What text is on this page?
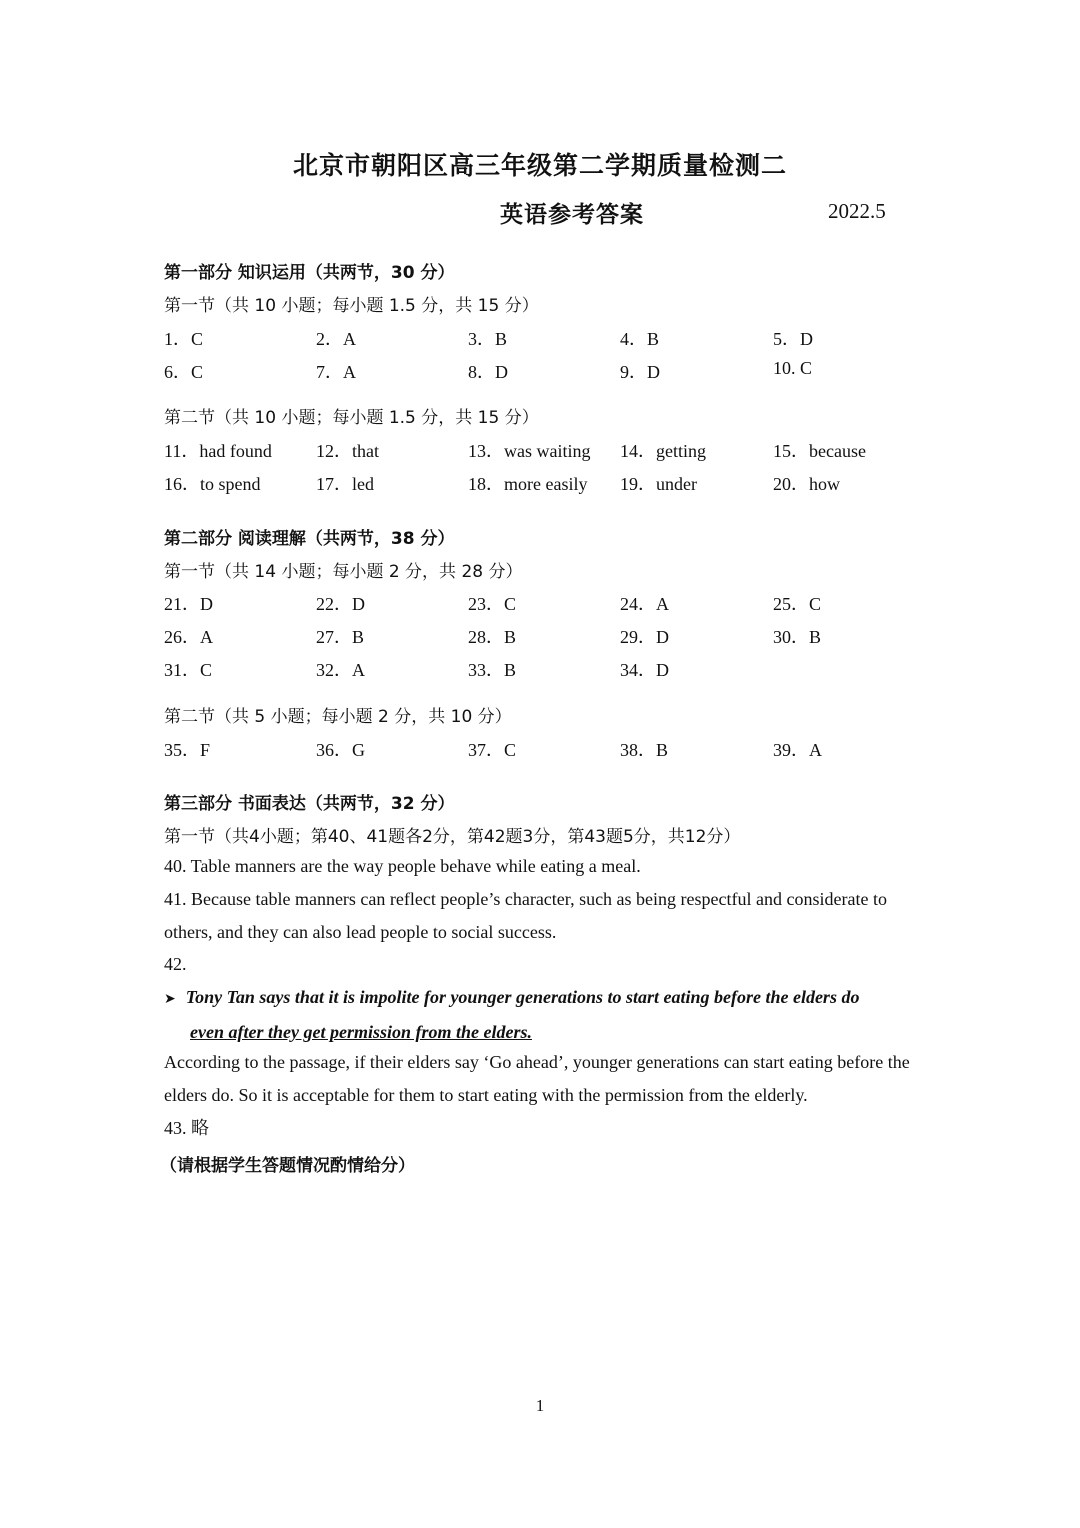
北京市朝阳区高三年级第二学期质量检测二
英语参考答案	2022.5
第一部分 知识运用（共两节，30 分）
第一节（共 10 小题；每小题 1.5 分，共 15 分）
1．C	2．A	3．B	4．B	5．D
6．C	7．A	8．D	9．D	10. C
第二节（共 10 小题；每小题 1.5 分，共 15 分）
11．had found 12．that	13．was waiting 14．getting	15．because
16．to spend	17．led	18．more easily 19．under	20．how
第二部分 阅读理解（共两节，38 分）
第一节（共 14 小题；每小题 2 分，共 28 分）
21．D	22．D	23．C	24．A	25．C
26．A	27．B	28．B	29．D	30．B
31．C	32．A	33．B	34．D
第二节（共 5 小题；每小题 2 分，共 10 分）
35．F	36．G	37．C	38．B	39．A
第三部分 书面表达（共两节，32 分）
第一节（共4小题；第40、41题各2分，第42题3分，第43题5分，共12分）
40. Table manners are the way people behave while eating a meal.
41. Because table manners can reflect people’s character, such as being respectful and considerate to others, and they can also lead people to social success.
42.
➤ Tony Tan says that it is impolite for younger generations to start eating before the elders do
even after they get permission from the elders.
According to the passage, if their elders say ‘Go ahead’, younger generations can start eating before the elders do. So it is acceptable for them to start eating with the permission from the elderly.
43. 略
（请根据学生答题情况酌情给分）
1
